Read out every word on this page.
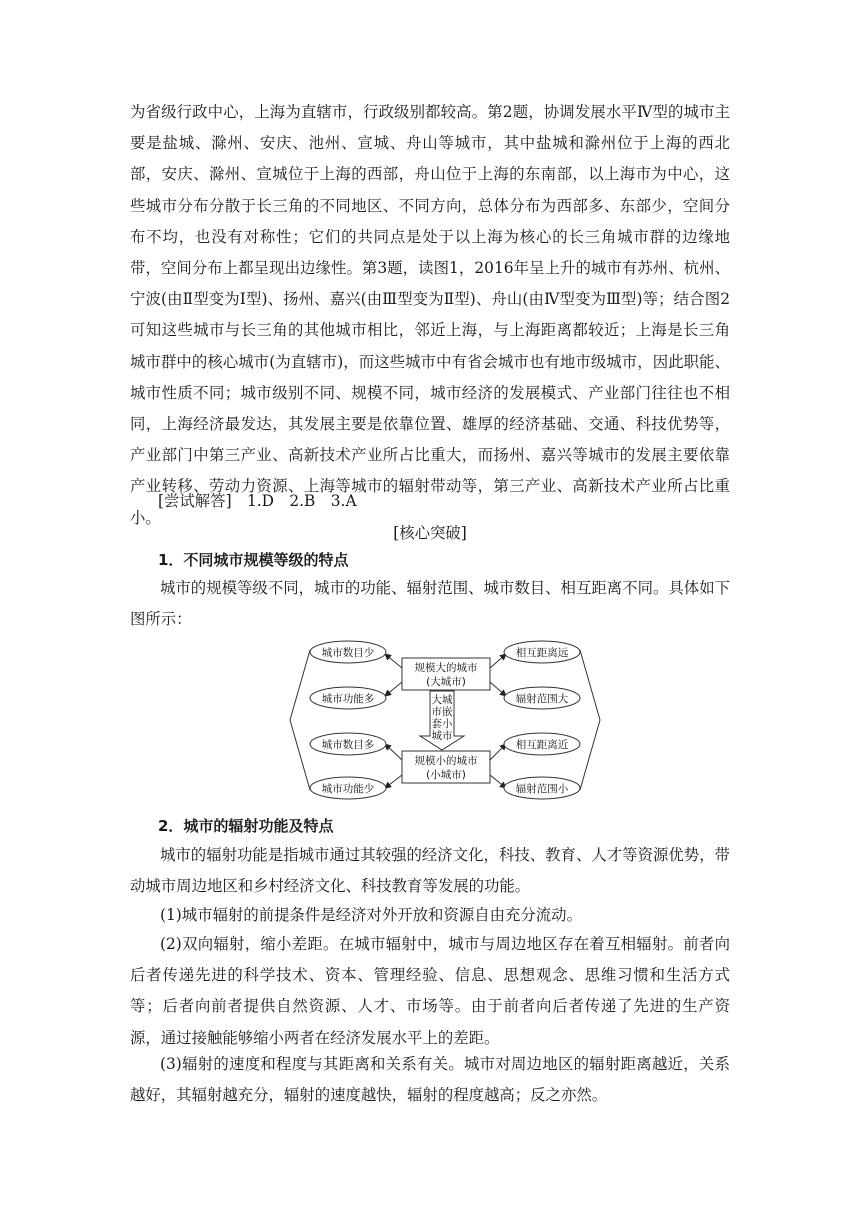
为省级行政中心，上海为直辖市，行政级别都较高。第2题，协调发展水平Ⅳ型的城市主要是盐城、滁州、安庆、池州、宣城、舟山等城市，其中盐城和滁州位于上海的西北部，安庆、滁州、宣城位于上海的西部，舟山位于上海的东南部，以上海市为中心，这些城市分布分散于长三角的不同地区、不同方向，总体分布为西部多、东部少，空间分布不均，也没有对称性；它们的共同点是处于以上海为核心的长三角城市群的边缘地带，空间分布上都呈现出边缘性。第3题，读图1，2016年呈上升的城市有苏州、杭州、宁波(由Ⅱ型变为Ⅰ型)、扬州、嘉兴(由Ⅲ型变为Ⅱ型)、舟山(由Ⅳ型变为Ⅲ型)等；结合图2可知这些城市与长三角的其他城市相比，邻近上海，与上海距离都较近；上海是长三角城市群中的核心城市(为直辖市)，而这些城市中有省会城市也有地市级城市，因此职能、城市性质不同；城市级别不同、规模不同，城市经济的发展模式、产业部门往往也不相同，上海经济最发达，其发展主要是依靠位置、雄厚的经济基础、交通、科技优势等，产业部门中第三产业、高新技术产业所占比重大，而扬州、嘉兴等城市的发展主要依靠产业转移、劳动力资源、上海等城市的辐射带动等，第三产业、高新技术产业所占比重小。

[尝试解答]　1.D　2.B　3.A

[核心突破]

1．不同城市规模等级的特点

城市的规模等级不同，城市的功能、辐射范围、城市数目、相互距离不同。具体如下图所示：

规模大的城市
(大城市)
规模小的城市
(小城市)
大城
市嵌
套小
城市
城市数目少
城市功能多
城市数目多
城市功能少
相互距离远
辐射范围大
相互距离近
辐射范围小

2．城市的辐射功能及特点

城市的辐射功能是指城市通过其较强的经济文化，科技、教育、人才等资源优势，带动城市周边地区和乡村经济文化、科技教育等发展的功能。

(1)城市辐射的前提条件是经济对外开放和资源自由充分流动。

(2)双向辐射，缩小差距。在城市辐射中，城市与周边地区存在着互相辐射。前者向后者传递先进的科学技术、资本、管理经验、信息、思想观念、思维习惯和生活方式等；后者向前者提供自然资源、人才、市场等。由于前者向后者传递了先进的生产资源，通过接触能够缩小两者在经济发展水平上的差距。

(3)辐射的速度和程度与其距离和关系有关。城市对周边地区的辐射距离越近，关系越好，其辐射越充分，辐射的速度越快，辐射的程度越高；反之亦然。
